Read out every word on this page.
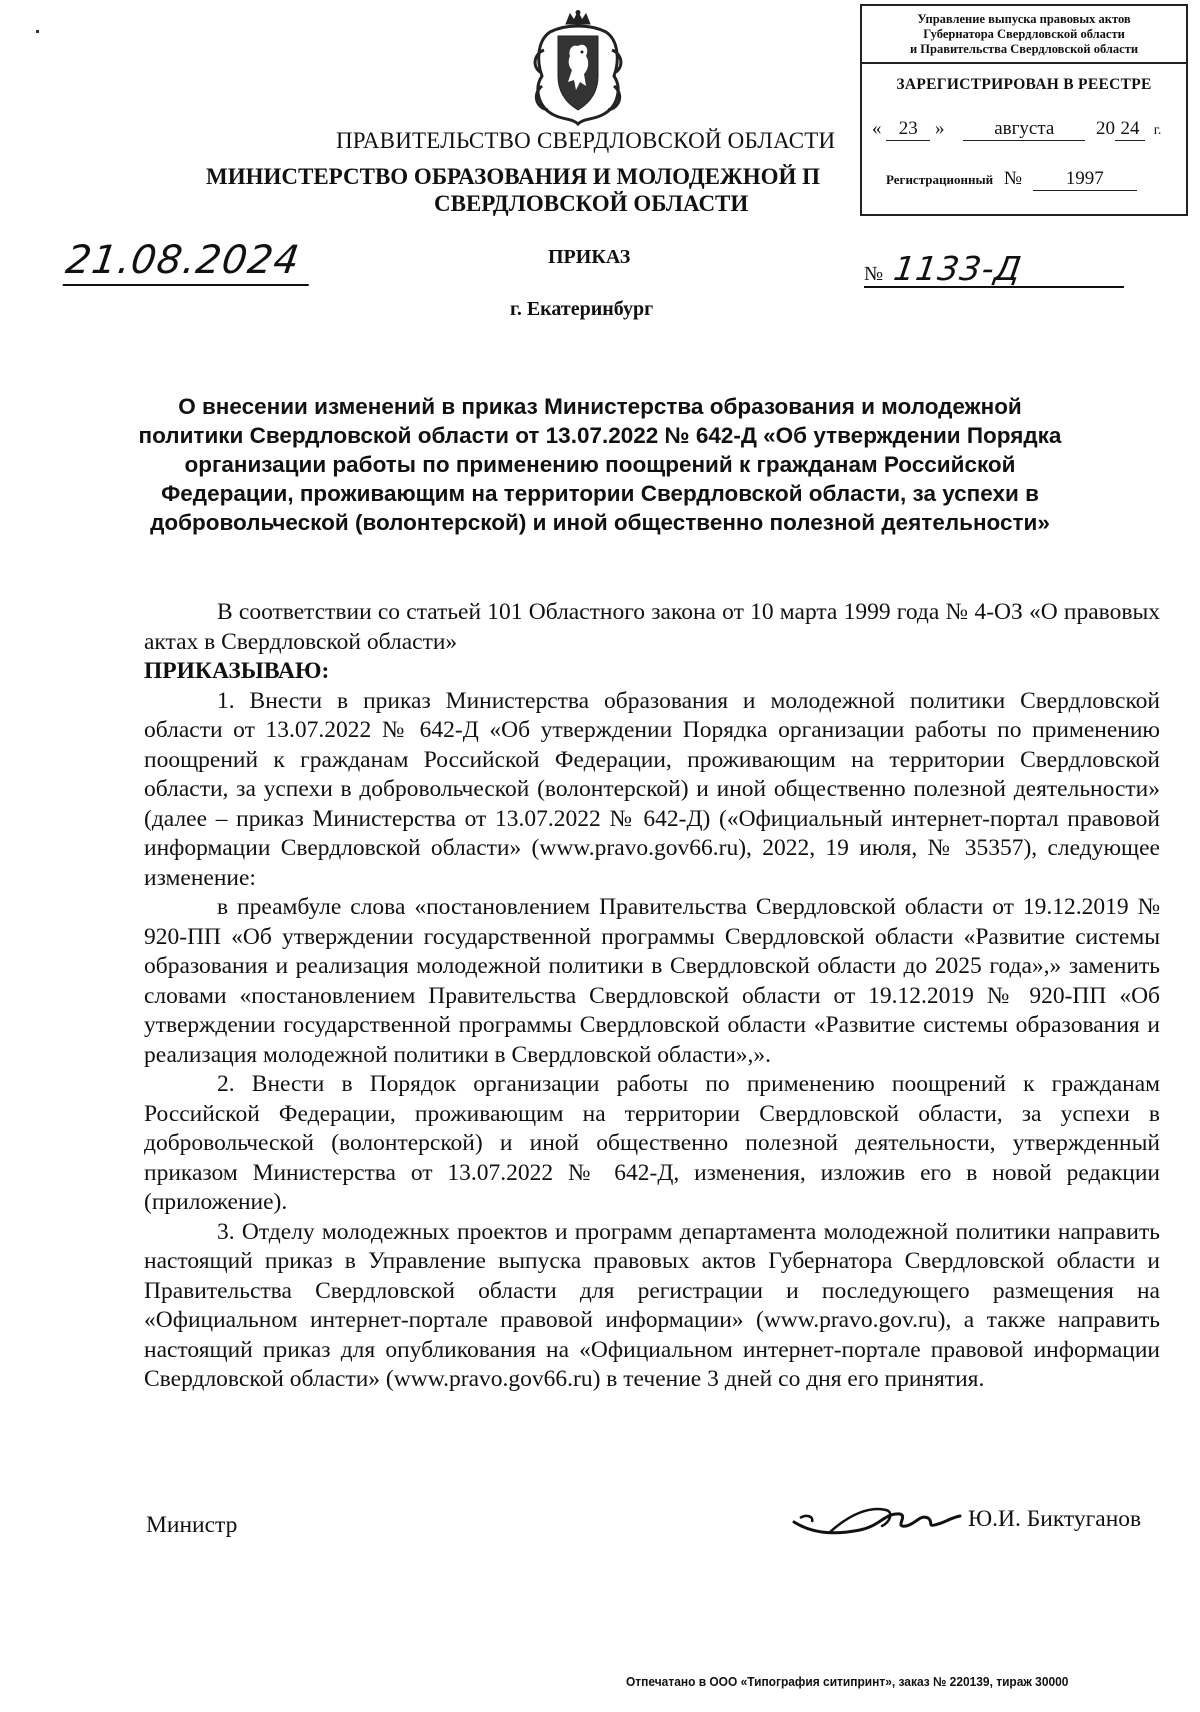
Управление выпуска правовых актов
Губернатора Свердловской области
и Правительства Свердловской области
ЗАРЕГИСТРИРОВАН В РЕЕСТРЕ
« 23 »	августа 20 24 г.
Регистрационный № 1997
ПРАВИТЕЛЬСТВО СВЕРДЛОВСКОЙ ОБЛАСТИ
МИНИСТЕРСТВО ОБРАЗОВАНИЯ И МОЛОДЕЖНОЙ П
СВЕРДЛОВСКОЙ ОБЛАСТИ
ПРИКАЗ
г. Екатеринбург
21.08.2024	№ 1133-Д
О внесении изменений в приказ Министерства образования и молодежной политики Свердловской области от 13.07.2022 № 642-Д «Об утверждении Порядка организации работы по применению поощрений к гражданам Российской Федерации, проживающим на территории Свердловской области, за успехи в добровольческой (волонтерской) и иной общественно полезной деятельности»

В соответствии со статьей 101 Областного закона от 10 марта 1999 года № 4-ОЗ «О правовых актах в Свердловской области»

ПРИКАЗЫВАЮ:

1. Внести в приказ Министерства образования и молодежной политики Свердловской области от 13.07.2022 № 642-Д «Об утверждении Порядка организации работы по применению поощрений к гражданам Российской Федерации, проживающим на территории Свердловской области, за успехи в добровольческой (волонтерской) и иной общественно полезной деятельности» (далее – приказ Министерства от 13.07.2022 № 642-Д) («Официальный интернет-портал правовой информации Свердловской области» (www.pravo.gov66.ru), 2022, 19 июля, № 35357), следующее изменение:

в преамбуле слова «постановлением Правительства Свердловской области от 19.12.2019 № 920-ПП «Об утверждении государственной программы Свердловской области «Развитие системы образования и реализация молодежной политики в Свердловской области до 2025 года»,» заменить словами «постановлением Правительства Свердловской области от 19.12.2019 № 920-ПП «Об утверждении государственной программы Свердловской области «Развитие системы образования и реализация молодежной политики в Свердловской области»,».

2. Внести в Порядок организации работы по применению поощрений к гражданам Российской Федерации, проживающим на территории Свердловской области, за успехи в добровольческой (волонтерской) и иной общественно полезной деятельности, утвержденный приказом Министерства от 13.07.2022 № 642-Д, изменения, изложив его в новой редакции (приложение).

3. Отделу молодежных проектов и программ департамента молодежной политики направить настоящий приказ в Управление выпуска правовых актов Губернатора Свердловской области и Правительства Свердловской области для регистрации и последующего размещения на «Официальном интернет-портале правовой информации» (www.pravo.gov.ru), а также направить настоящий приказ для опубликования на «Официальном интернет-портале правовой информации Свердловской области» (www.pravo.gov66.ru) в течение 3 дней со дня его принятия.

Министр	Ю.И. Биктуганов
Отпечатано в ООО «Типография ситипринт», заказ № 220139, тираж 30000
